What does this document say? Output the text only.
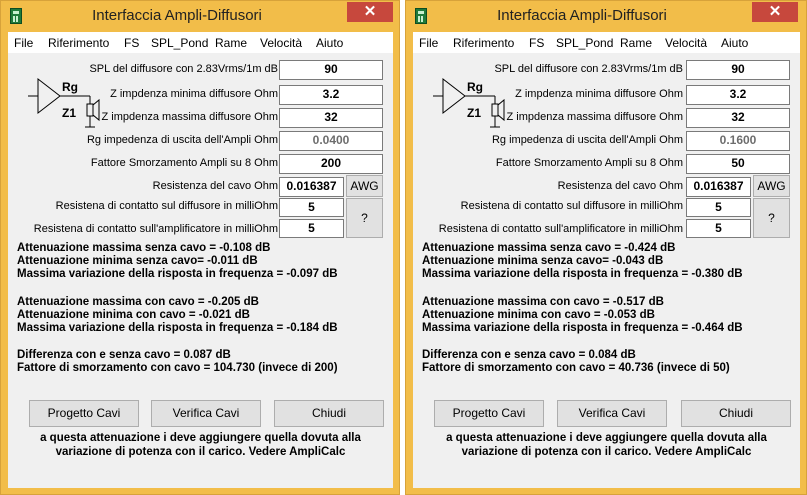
Interfaccia Ampli-Diffusori	✕
File Riferimento FS SPL_Pond Rame Velocità Aiuto
Rg
Z1
SPL del diffusore con 2.83Vrms/1m dB	90
Z impdenza minima diffusore Ohm	3.2
Z impdenza massima diffusore Ohm	32
Rg impedenza di uscita dell'Ampli Ohm	0.0400
Fattore Smorzamento Ampli su 8 Ohm	200
Resistenza del cavo Ohm 0.016387	AWG
Resistena di contatto sul diffusore in milliOhm	5
Resistena di contatto sull'amplificatore in milliOhm	5
?
Attenuazione massima senza cavo = -0.108 dB
Attenuazione minima senza cavo= -0.011 dB
Massima variazione della risposta in frequenza = -0.097 dB
Attenuazione massima con cavo = -0.205 dB
Attenuazione minima con cavo = -0.021 dB
Massima variazione della risposta in frequenza = -0.184 dB
Differenza con e senza cavo = 0.087 dB
Fattore di smorzamento con cavo = 104.730 (invece di 200)
Progetto Cavi	Verifica Cavi	Chiudi
a questa attenuazione i deve aggiungere quella dovuta alla
variazione di potenza con il carico. Vedere AmpliCalc
Interfaccia Ampli-Diffusori	✕
File Riferimento FS SPL_Pond Rame Velocità Aiuto
Rg
Z1
SPL del diffusore con 2.83Vrms/1m dB	90
Z impdenza minima diffusore Ohm	3.2
Z impdenza massima diffusore Ohm	32
Rg impedenza di uscita dell'Ampli Ohm	0.1600
Fattore Smorzamento Ampli su 8 Ohm	50
Resistenza del cavo Ohm 0.016387	AWG
Resistena di contatto sul diffusore in milliOhm	5
Resistena di contatto sull'amplificatore in milliOhm	5
?
Attenuazione massima senza cavo = -0.424 dB
Attenuazione minima senza cavo= -0.043 dB
Massima variazione della risposta in frequenza = -0.380 dB
Attenuazione massima con cavo = -0.517 dB
Attenuazione minima con cavo = -0.053 dB
Massima variazione della risposta in frequenza = -0.464 dB
Differenza con e senza cavo = 0.084 dB
Fattore di smorzamento con cavo = 40.736 (invece di 50)
Progetto Cavi	Verifica Cavi	Chiudi
a questa attenuazione i deve aggiungere quella dovuta alla
variazione di potenza con il carico. Vedere AmpliCalc
